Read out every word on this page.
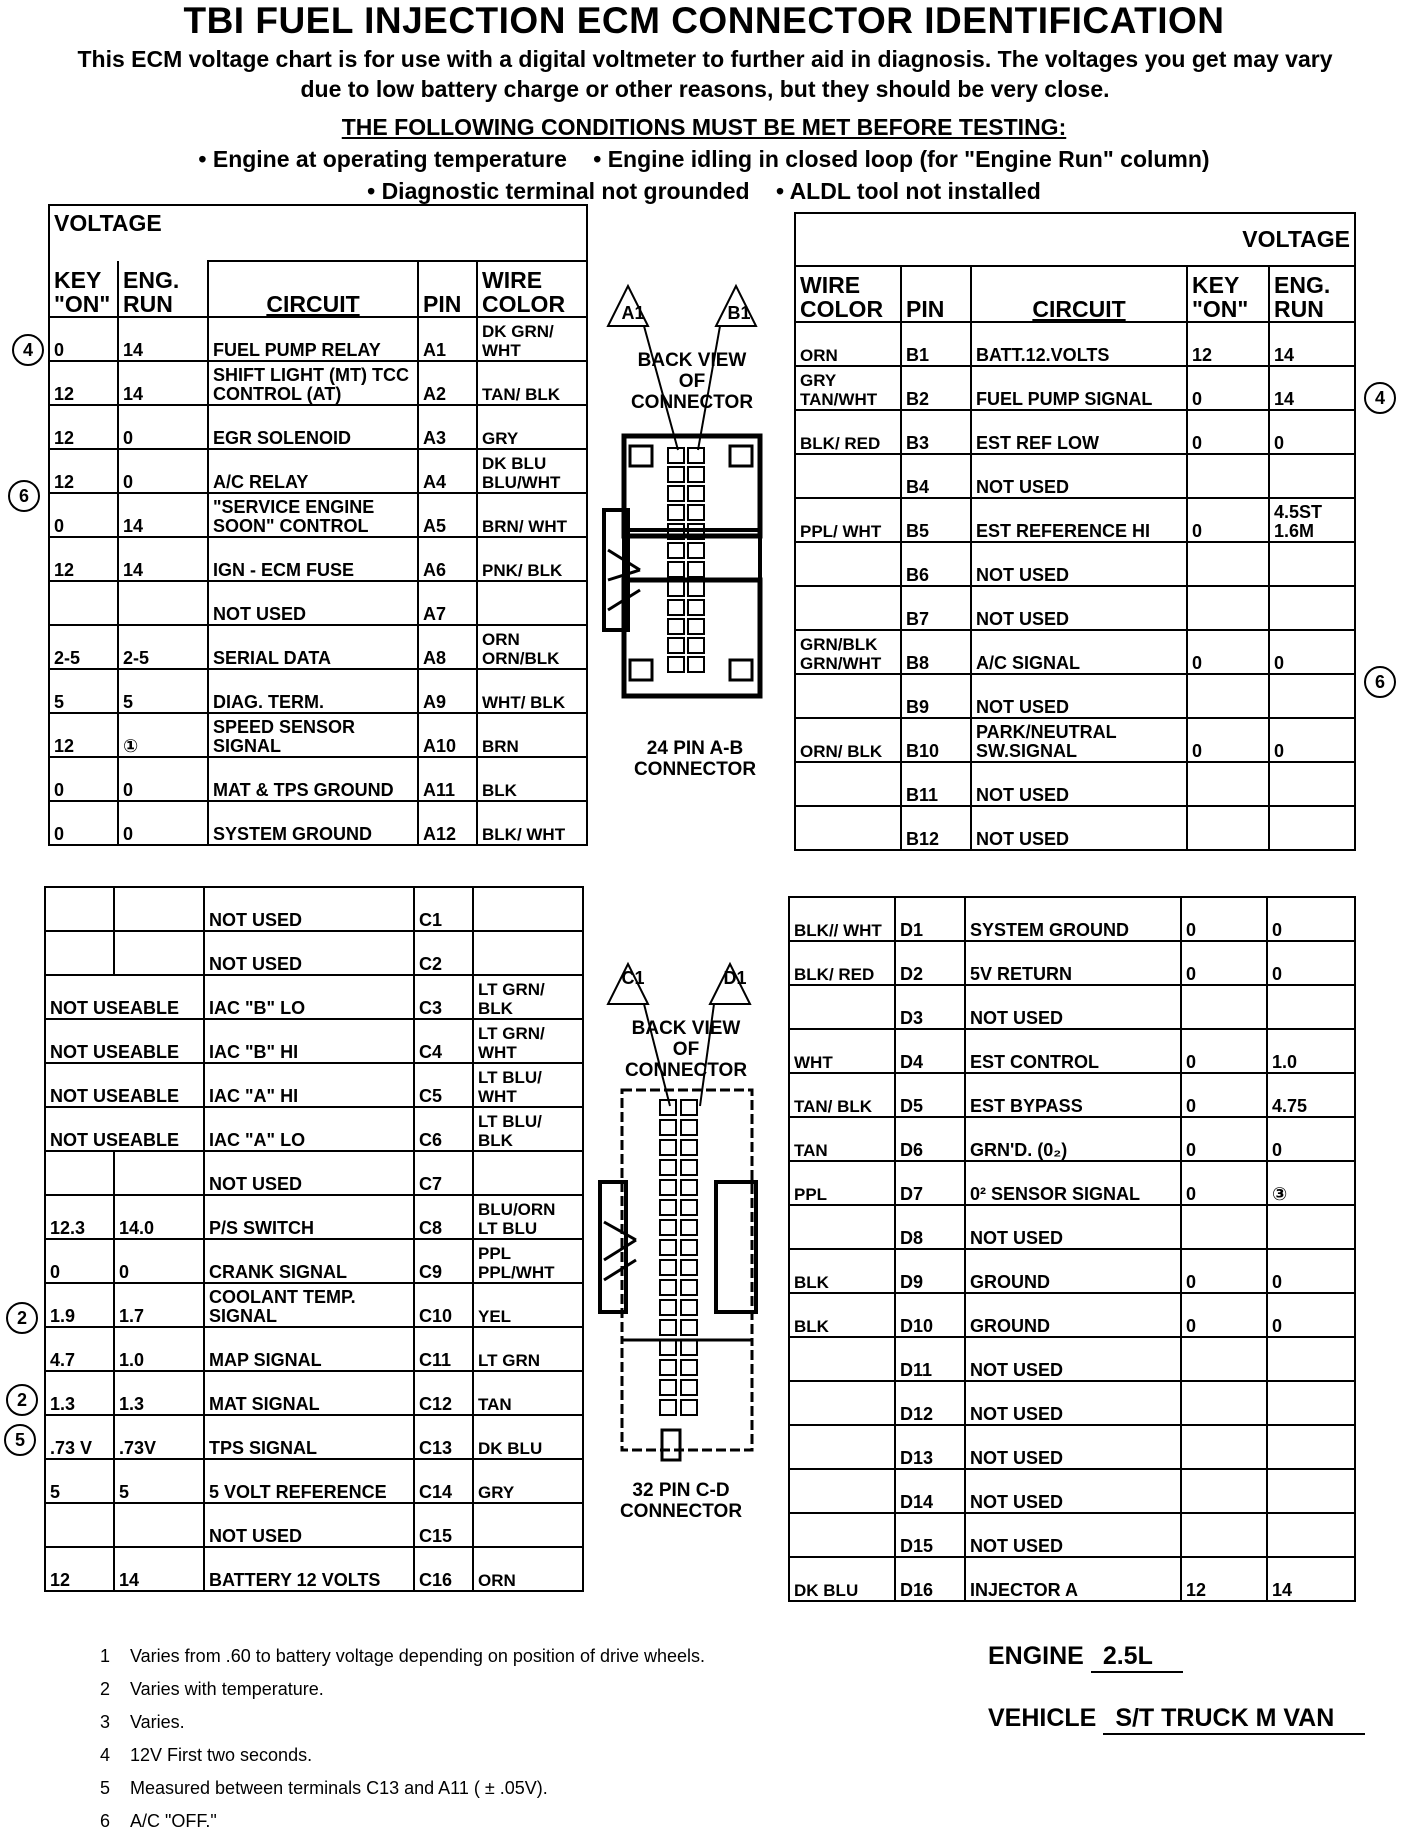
TBI FUEL INJECTION ECM CONNECTOR IDENTIFICATION
This ECM voltage chart is for use with a digital voltmeter to further aid in diagnosis. The voltages you get may vary due to low battery charge or other reasons, but they should be very close.
THE FOLLOWING CONDITIONS MUST BE MET BEFORE TESTING:
• Engine at operating temperature • Engine idling in closed loop (for "Engine Run" column)
• Diagnostic terminal not grounded • ALDL tool not installed
VOLTAGE				
KEY "ON"	ENG. RUN	CIRCUIT	PIN	WIRE COLOR
0	14	FUEL PUMP RELAY	A1	DK GRN/ WHT
12	14	SHIFT LIGHT (MT) TCC CONTROL (AT)	A2	TAN/ BLK
12	0	EGR SOLENOID	A3	GRY
12	0	A/C RELAY	A4	DK BLU BLU/WHT
0	14	"SERVICE ENGINE SOON" CONTROL	A5	BRN/ WHT
12	14	IGN - ECM FUSE	A6	PNK/ BLK
		NOT USED	A7	
2-5	2-5	SERIAL DATA	A8	ORN ORN/BLK
5	5	DIAG. TERM.	A9	WHT/ BLK
12	①	SPEED SENSOR SIGNAL	A10	BRN
0	0	MAT & TPS GROUND	A11	BLK
0	0	SYSTEM GROUND	A12	BLK/ WHT
VOLTAGE				
WIRE COLOR	PIN	CIRCUIT	KEY "ON"	ENG. RUN
ORN	B1	BATT.12.VOLTS	12	14
GRY TAN/WHT	B2	FUEL PUMP SIGNAL	0	14
BLK/ RED	B3	EST REF LOW	0	0
	B4	NOT USED		
PPL/ WHT	B5	EST REFERENCE HI	0	4.5ST 1.6M
	B6	NOT USED		
	B7	NOT USED		
GRN/BLK GRN/WHT	B8	A/C SIGNAL	0	0
	B9	NOT USED		
ORN/ BLK	B10	PARK/NEUTRAL SW.SIGNAL	0	0
	B11	NOT USED		
	B12	NOT USED		
		NOT USED	C1	
		NOT USED	C2	
NOT USEABLE		IAC "B" LO	C3	LT GRN/ BLK
NOT USEABLE		IAC "B" HI	C4	LT GRN/ WHT
NOT USEABLE		IAC "A" HI	C5	LT BLU/ WHT
NOT USEABLE		IAC "A" LO	C6	LT BLU/ BLK
		NOT USED	C7	
12.3	14.0	P/S SWITCH	C8	BLU/ORN LT BLU
0	0	CRANK SIGNAL	C9	PPL PPL/WHT
1.9	1.7	COOLANT TEMP. SIGNAL	C10	YEL
4.7	1.0	MAP SIGNAL	C11	LT GRN
1.3	1.3	MAT SIGNAL	C12	TAN
.73 V	.73V	TPS SIGNAL	C13	DK BLU
5	5	5 VOLT REFERENCE	C14	GRY
		NOT USED	C15	
12	14	BATTERY 12 VOLTS	C16	ORN
BLK// WHT	D1	SYSTEM GROUND	0	0
BLK/ RED	D2	5V RETURN	0	0
	D3	NOT USED		
WHT	D4	EST CONTROL	0	1.0
TAN/ BLK	D5	EST BYPASS	0	4.75
TAN	D6	GRN'D. (0₂)	0	0
PPL	D7	0² SENSOR SIGNAL	0	③
	D8	NOT USED		
BLK	D9	GROUND	0	0
BLK	D10	GROUND	0	0
	D11	NOT USED		
	D12	NOT USED		
	D13	NOT USED		
	D14	NOT USED		
	D15	NOT USED		
DK BLU	D16	INJECTOR A	12	14
A1	B1
BACK VIEW OF CONNECTOR
24 PIN A-B CONNECTOR
C1	D1
BACK VIEW OF CONNECTOR
32 PIN C-D CONNECTOR
4
6
4
6
2
2
5
1 Varies from .60 to battery voltage depending on position of drive wheels.
2 Varies with temperature.
3 Varies.
4 12V First two seconds.
5 Measured between terminals C13 and A11 ( ± .05V).
6 A/C "OFF."
ENGINE 2.5L
VEHICLE S/T TRUCK M VAN
